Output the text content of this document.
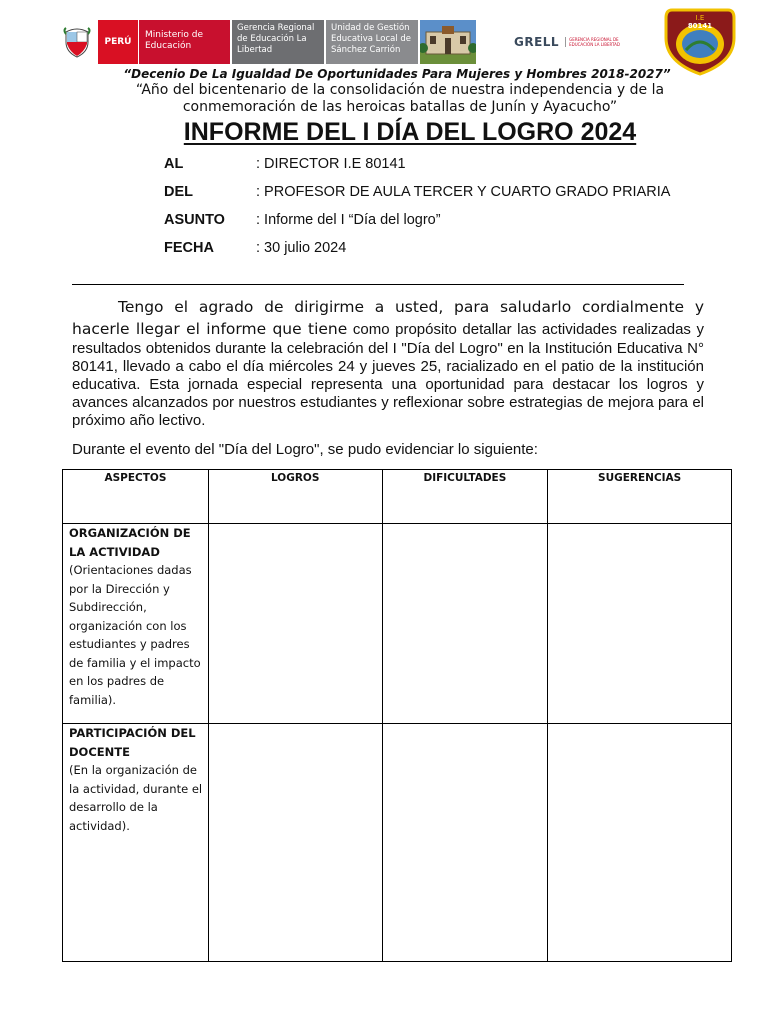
PERÚ
Ministerio de Educación
Gerencia Regional de Educación La Libertad
Unidad de Gestión Educativa Local de Sánchez Carrión
GRELL	GERENCIA REGIONAL DE EDUCACIÓN LA LIBERTAD
I.E
80141
“Decenio De La Igualdad De Oportunidades Para Mujeres y Hombres 2018-2027”
“Año del bicentenario de la consolidación de nuestra independencia y de la conmemoración de las heroicas batallas de Junín y Ayacucho”
INFORME DEL I DÍA DEL LOGRO 2024
AL	: DIRECTOR I.E 80141
DEL	: PROFESOR DE AULA TERCER Y CUARTO GRADO PRIARIA
ASUNTO : Informe del I “Día del logro”
FECHA	: 30 julio 2024
Tengo el agrado de dirigirme a usted, para saludarlo cordialmente y hacerle llegar el informe que tiene como propósito detallar las actividades realizadas y resultados obtenidos durante la celebración del I "Día del Logro" en la Institución Educativa N° 80141, llevado a cabo el día miércoles 24 y jueves 25, racializado en el patio de la institución educativa. Esta jornada especial representa una oportunidad para destacar los logros y avances alcanzados por nuestros estudiantes y reflexionar sobre estrategias de mejora para el próximo año lectivo.
Durante el evento del "Día del Logro", se pudo evidenciar lo siguiente:
ASPECTOS	LOGROS	DIFICULTADES	SUGERENCIAS

ORGANIZACIÓN DE LA ACTIVIDAD
(Orientaciones dadas por la Dirección y Subdirección, organización con los estudiantes y padres de familia y el impacto en los padres de familia).			

PARTICIPACIÓN DEL DOCENTE
(En la organización de la actividad, durante el desarrollo de la actividad).			
